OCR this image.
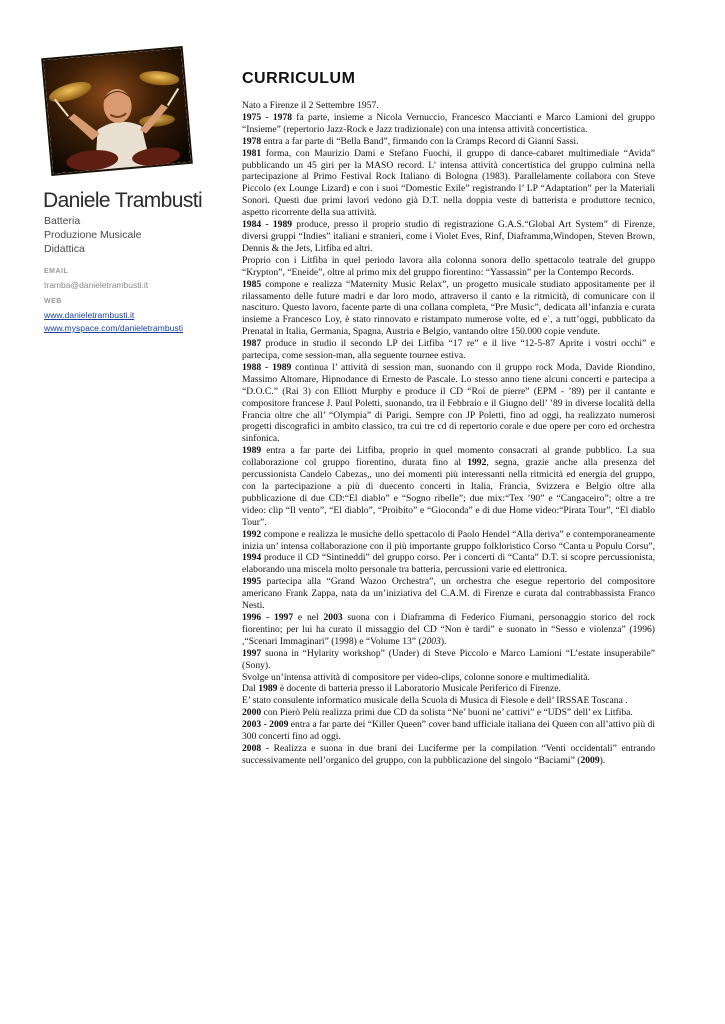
Daniele Trambusti
Batteria
Produzione Musicale
Didattica
EMAIL
tramba@danieletrambusti.it
WEB
www.danieletrambusti.it
www.myspace.com/danieletrambusti
CURRICULUM

Nato a Firenze il 2 Settembre 1957.

1975 - 1978 fa parte, insieme a Nicola Vernuccio, Francesco Maccianti e Marco Lamioni del gruppo “Insieme” (repertorio Jazz-Rock e Jazz tradizionale) con una intensa attività concertistica.

1978 entra a far parte di “Bella Band”, firmando con la Cramps Record di Gianni Sassi.

1981 forma, con Maurizio Dami e Stefano Fuochi, il gruppo di dance-cabaret multimediale “Avida” pubblicando un 45 giri per la MASO record. L’ intensa attività concertistica del gruppo culmina nella partecipazione al Primo Festival Rock Italiano di Bologna (1983). Parallelamente collabora con Steve Piccolo (ex Lounge Lizard) e con i suoi “Domestic Exile” registrando l’ LP “Adaptation” per la Materiali Sonori. Questi due primi lavori vedono già D.T. nella doppia veste di batterista e produttore tecnico, aspetto ricorrente della sua attività.

1984 - 1989 produce, presso il proprio studio di registrazione G.A.S.“Global Art System” di Firenze, diversi gruppi “Indies” italiani e stranieri, come i Violet Eves, Rinf, Diaframma,Windopen, Steven Brown, Dennis & the Jets, Litfiba ed altri.

Proprio con i Litfiba in quel periodo lavora alla colonna sonora dello spettacolo teatrale del gruppo “Krypton”, “Eneide”, oltre al primo mix del gruppo fiorentino: “Yassassin” per la Contempo Records.

1985 compone e realizza “Maternity Music Relax”, un progetto musicale studiato appositamente per il rilassamento delle future madri e dar loro modo, attraverso il canto e la ritmicità, di comunicare con il nascituro. Questo lavoro, facente parte di una collana completa, “Pre Music”, dedicata all’infanzia e curata insieme a Francesco Loy, è stato rinnovato e ristampato numerose volte, ed e`, a tutt’oggi, pubblicato da Prenatal in Italia, Germania, Spagna, Austria e Belgio, vantando oltre 150.000 copie vendute.

1987 produce in studio il secondo LP dei Litfiba “17 re” e il live “12-5-87 Aprite i vostri occhi” e partecipa, come session-man, alla seguente tournee estiva.

1988 - 1989 continua l’ attività di session man, suonando con il gruppo rock Moda, Davide Riondino, Massimo Altomare, Hipnodance di Ernesto de Pascale. Lo stesso anno tiene alcuni concerti e partecipa a “D.O.C.” (Rai 3) con Elliott Murphy e produce il CD “Roi de pierre” (EPM - ’89) per il cantante e compositore francese J. Paul Poletti, suonando, tra il Febbraio e il Giugno dell’ ’89 in diverse località della Francia oltre che all’ “Olympia” di Parigi. Sempre con JP Poletti, fino ad oggi, ha realizzato numerosi progetti discografici in ambito classico, tra cui tre cd di repertorio corale e due opere per coro ed orchestra sinfonica.

1989 entra a far parte dei Litfiba, proprio in quel momento consacrati al grande pubblico. La sua collaborazione col gruppo fiorentino, durata fino al 1992, segna, grazie anche alla presenza del percussionista Candelo Cabezas,, uno dei momenti più interessanti nella ritmicità ed energia del gruppo, con la partecipazione a più di duecento concerti in Italia, Francia, Svizzera e Belgio oltre alla pubblicazione di due CD:“El diablo” e “Sogno ribelle”; due mix:“Tex ’90” e “Cangaceiro”; oltre a tre video: clip “Il vento”, “El diablo”, “Proibito” e “Gioconda” e di due Home video:“Pirata Tour”, “El diablo Tour”.

1992 compone e realizza le musiche dello spettacolo di Paolo Hendel “Alla deriva” e contemporaneamente inizia un’ intensa collaborazione con il più importante gruppo folkloristico Corso “Canta u Populu Corsu”, 1994 produce il CD “Sintineddi” del gruppo corso. Per i concerti di “Canta” D.T. si scopre percussionista, elaborando una miscela molto personale tra batteria, percussioni varie ed elettronica.

1995 partecipa alla “Grand Wazoo Orchestra”, un orchestra che esegue repertorio del compositore americano Frank Zappa, nata da un’iniziativa del C.A.M. di Firenze e curata dal contrabbassista Franco Nesti.

1996 - 1997 e nel 2003 suona con i Diaframma di Federico Fiumani, personaggio storico del rock fiorentino; per lui ha curato il missaggio del CD “Non è tardi” e suonato in “Sesso e violenza” (1996) ,“Scenari Immaginari” (1998) e “Volume 13” (2003).

1997 suona in “Hylarity workshop” (Under) di Steve Piccolo e Marco Lamioni “L’estate insuperabile” (Sony).

Svolge un’intensa attività di compositore per video-clips, colonne sonore e multimedialità.

Dal 1989 è docente di batteria presso il Laboratorio Musicale Periferico di Firenze.

E’ stato consulente informatico musicale della Scuola di Musica di Fiesole e dell’ IRSSAE Toscana .

2000 con Pierò Pelù realizza primi due CD da solista “Ne’ buoni ne’ cattivi” e “UDS” dell’ ex Litfiba.

2003 - 2009 entra a far parte dei “Killer Queen” cover band ufficiale italiana dei Queen con all’attivo più di 300 concerti fino ad oggi.

2008 - Realizza e suona in due brani dei Luciferme per la compilation “Venti occidentali” entrando successivamente nell’organico del gruppo, con la pubblicazione del singolo “Baciami” (2009).
